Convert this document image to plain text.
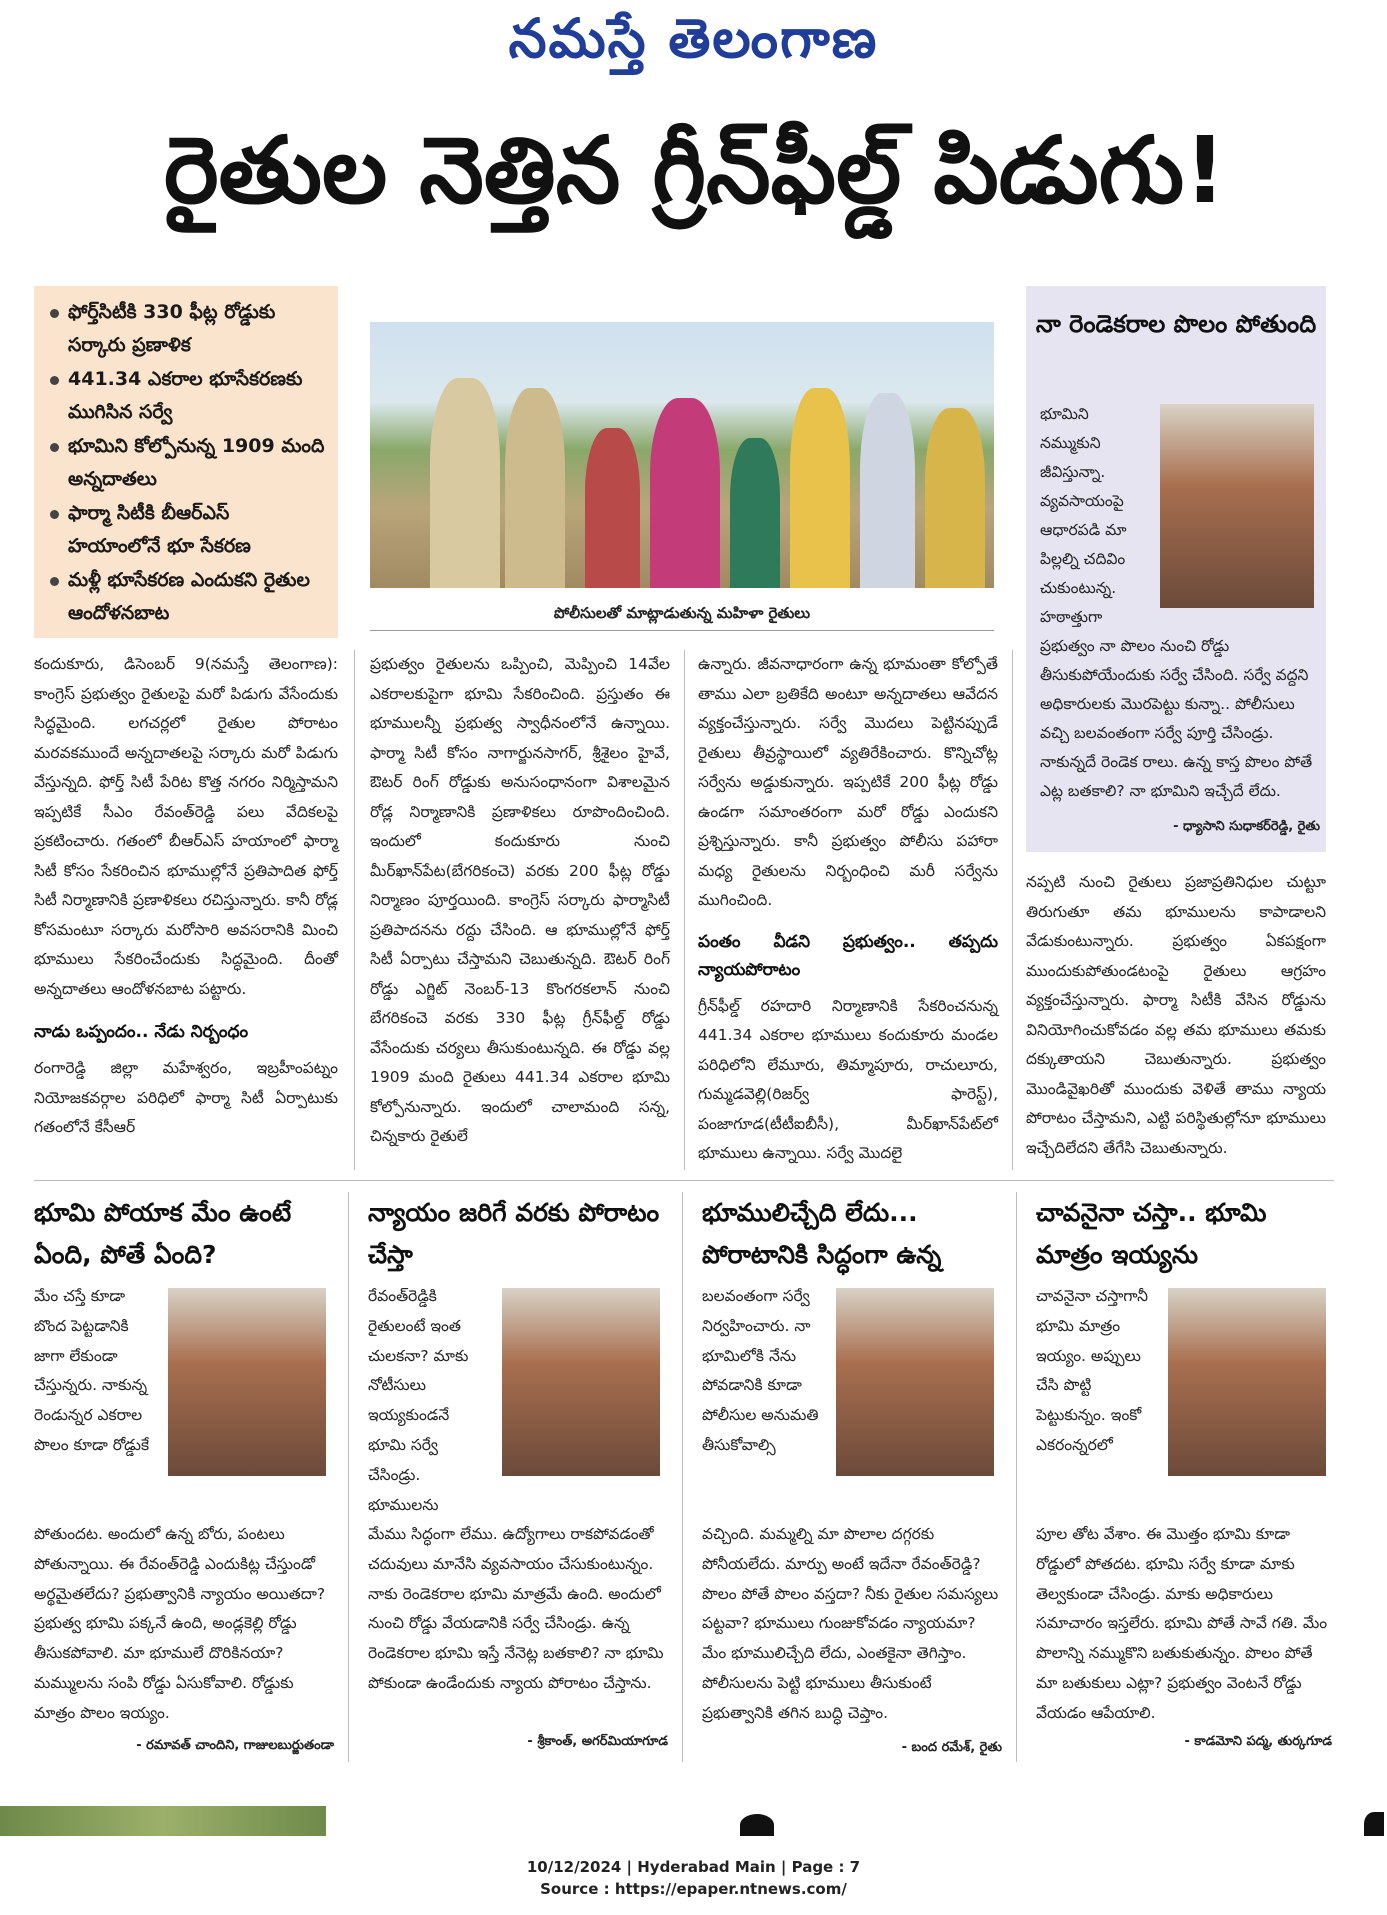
నమస్తే తెలంగాణ
రైతుల నెత్తిన గ్రీన్‌ఫీల్డ్ పిడుగు!
ఫోర్త్‌సిటీకి 330 ఫీట్ల రోడ్డుకు సర్కారు ప్రణాళిక
441.34 ఎకరాల భూసేకరణకు ముగిసిన సర్వే
భూమిని కోల్పోనున్న 1909 మంది అన్నదాతలు
ఫార్మా సిటీకి బీఆర్‌ఎస్ హయాంలోనే భూ సేకరణ
మళ్లీ భూసేకరణ ఎందుకని రైతుల ఆందోళనబాట	పోలీసులతో మాట్లాడుతున్న మహిళా రైతులు
నా రెండెకరాల పొలం పోతుంది
భూమిని నమ్ముకుని జీవిస్తున్నా. వ్యవసాయంపై ఆధారపడి మా పిల్లల్ని చదివిం చుకుంటున్న. హఠాత్తుగా
ప్రభుత్వం నా పొలం నుంచి రోడ్డు తీసుకుపోయేందుకు సర్వే చేసింది. సర్వే వద్దని అధికారులకు మొరపెట్టు కున్నా.. పోలీసులు వచ్చి బలవంతంగా సర్వే పూర్తి చేసిండ్రు. నాకున్నదే రెండెక రాలు. ఉన్న కాస్త పొలం పోతే ఎట్ల బతకాలి? నా భూమిని ఇచ్చేదే లేదు.
- ధ్యాసాని సుధాకర్‌రెడ్డి, రైతు
కందుకూరు, డిసెంబర్ 9(నమస్తే తెలంగాణ): కాంగ్రెస్ ప్రభుత్వం రైతులపై మరో పిడుగు వేసేందుకు సిద్ధమైంది. లగచర్లలో రైతుల పోరాటం మరవకముందే అన్నదాతలపై సర్కారు మరో పిడుగు వేస్తున్నది. ఫోర్త్ సిటీ పేరిట కొత్త నగరం నిర్మిస్తామని ఇప్పటికే సీఎం రేవంత్‌రెడ్డి పలు వేదికలపై ప్రకటించారు. గతంలో బీఆర్‌ఎస్ హయాంలో ఫార్మా సిటీ కోసం సేకరించిన భూముల్లోనే ప్రతిపాదిత ఫోర్త్ సిటీ నిర్మాణానికి ప్రణాళికలు రచిస్తున్నారు. కానీ రోడ్ల కోసమంటూ సర్కారు మరోసారి అవసరానికి మించి భూములు సేకరించేందుకు సిద్ధమైంది. దీంతో అన్నదాతలు ఆందోళనబాట పట్టారు.
నాడు ఒప్పందం.. నేడు నిర్బంధం
రంగారెడ్డి జిల్లా మహేశ్వరం, ఇబ్రహీంపట్నం నియోజకవర్గాల పరిధిలో ఫార్మా సిటీ ఏర్పాటుకు గతంలోనే కేసీఆర్
ప్రభుత్వం రైతులను ఒప్పించి, మెప్పించి 14వేల ఎకరాలకుపైగా భూమి సేకరించింది. ప్రస్తుతం ఈ భూములన్నీ ప్రభుత్వ స్వాధీనంలోనే ఉన్నాయి. ఫార్మా సిటీ కోసం నాగార్జునసాగర్, శ్రీశైలం హైవే, ఔటర్ రింగ్ రోడ్డుకు అనుసంధానంగా విశాలమైన రోడ్ల నిర్మాణానికి ప్రణాళికలు రూపొందించింది. ఇందులో కందుకూరు నుంచి మీర్‌ఖాన్‌పేట(బేగరికంచె) వరకు 200 ఫీట్ల రోడ్డు నిర్మాణం పూర్తయింది. కాంగ్రెస్ సర్కారు ఫార్మాసిటీ ప్రతిపాదనను రద్దు చేసింది. ఆ భూముల్లోనే ఫోర్త్ సిటీ ఏర్పాటు చేస్తామని చెబుతున్నది. ఔటర్ రింగ్ రోడ్డు ఎగ్జిట్ నెంబర్-13 కొంగరకలాన్ నుంచి బేగరికంచె వరకు 330 ఫీట్ల గ్రీన్‌ఫీల్డ్ రోడ్డు వేసేందుకు చర్యలు తీసుకుంటున్నది. ఈ రోడ్డు వల్ల 1909 మంది రైతులు 441.34 ఎకరాల భూమి కోల్పోనున్నారు. ఇందులో చాలామంది సన్న, చిన్నకారు రైతులే
ఉన్నారు. జీవనాధారంగా ఉన్న భూమంతా కోల్పోతే తాము ఎలా బ్రతికేది అంటూ అన్నదాతలు ఆవేదన వ్యక్తంచేస్తున్నారు. సర్వే మొదలు పెట్టినప్పుడే రైతులు తీవ్రస్థాయిలో వ్యతిరేకించారు. కొన్నిచోట్ల సర్వేను అడ్డుకున్నారు. ఇప్పటికే 200 ఫీట్ల రోడ్డు ఉండగా సమాంతరంగా మరో రోడ్డు ఎందుకని ప్రశ్నిస్తున్నారు. కానీ ప్రభుత్వం పోలీసు పహారా మధ్య రైతులను నిర్బంధించి మరీ సర్వేను ముగించింది.
పంతం వీడని ప్రభుత్వం.. తప్పదు న్యాయపోరాటం
గ్రీన్‌ఫీల్డ్ రహదారి నిర్మాణానికి సేకరించనున్న 441.34 ఎకరాల భూములు కందుకూరు మండల పరిధిలోని లేమూరు, తిమ్మాపూరు, రాచులూరు, గుమ్మడవెల్లి(రిజర్వ్ ఫారెస్ట్), పంజాగూడ(టీటీఐబీసీ), మీర్‌ఖాన్‌పేట్‌లో భూములు ఉన్నాయి. సర్వే మొదలై
నప్పటి నుంచి రైతులు ప్రజాప్రతినిధుల చుట్టూ తిరుగుతూ తమ భూములను కాపాడాలని వేడుకుంటున్నారు. ప్రభుత్వం ఏకపక్షంగా ముందుకుపోతుండటంపై రైతులు ఆగ్రహం వ్యక్తంచేస్తున్నారు. ఫార్మా సిటీకి వేసిన రోడ్డును వినియోగించుకోవడం వల్ల తమ భూములు తమకు దక్కుతాయని చెబుతున్నారు. ప్రభుత్వం మొండివైఖరితో ముందుకు వెళితే తాము న్యాయ పోరాటం చేస్తామని, ఎట్టి పరిస్థితుల్లోనూ భూములు ఇచ్చేదిలేదని తేగేసి చెబుతున్నారు.
భూమి పోయాక మేం ఉంటే ఏంది, పోతే ఏంది?
మేం చస్తే కూడా బొంద పెట్టడానికి జాగా లేకుండా చేస్తున్నరు. నాకున్న రెండున్నర ఎకరాల పొలం కూడా రోడ్డుకే
పోతుందట. అందులో ఉన్న బోరు, పంటలు పోతున్నాయి. ఈ రేవంత్‌రెడ్డి ఎందుకిట్ల చేస్తుండో అర్థమైతలేదు? ప్రభుత్వానికి న్యాయం అయితదా? ప్రభుత్వ భూమి పక్కనే ఉంది, అండ్లకెల్లి రోడ్డు తీసుకపోవాలి. మా భూములే దొరికినయా? మమ్ములను సంపి రోడ్డు ఏసుకోవాలి. రోడ్డుకు మాత్రం పొలం ఇయ్యం.
- రమావత్ చాందిని, గాజులబుర్జుతండా
న్యాయం జరిగే వరకు పోరాటం చేస్తా
రేవంత్‌రెడ్డికి రైతులంటే ఇంత చులకనా? మాకు నోటీసులు ఇయ్యకుండనే భూమి సర్వే చేసిండ్రు. భూములను
మేము సిద్ధంగా లేము. ఉద్యోగాలు రాకపోవడంతో చదువులు మానేసి వ్యవసాయం చేసుకుంటున్నం. నాకు రెండెకరాల భూమి మాత్రమే ఉంది. అందులో నుంచి రోడ్డు వేయడానికి సర్వే చేసిండ్రు. ఉన్న రెండెకరాల భూమి ఇస్తే నేనెట్ల బతకాలి? నా భూమి పోకుండా ఉండేందుకు న్యాయ పోరాటం చేస్తాను.
- శ్రీకాంత్, అగర్‌మియాగూడ
భూములిచ్చేది లేదు... పోరాటానికి సిద్ధంగా ఉన్న
బలవంతంగా సర్వే నిర్వహించారు. నా భూమిలోకి నేను పోవడానికి కూడా పోలీసుల అనుమతి తీసుకోవాల్సి
వచ్చింది. మమ్మల్ని మా పొలాల దగ్గరకు పోనీయలేదు. మార్పు అంటే ఇదేనా రేవంత్‌రెడ్డి? పొలం పోతే పొలం వస్తదా? నీకు రైతుల సమస్యలు పట్టవా? భూములు గుంజుకోవడం న్యాయమా? మేం భూములిచ్చేది లేదు, ఎంతకైనా తెగిస్తాం. పోలీసులను పెట్టి భూములు తీసుకుంటే ప్రభుత్వానికి తగిన బుద్ధి చెప్తాం.
- బంద రమేశ్, రైతు
చావనైనా చస్తా.. భూమి మాత్రం ఇయ్యను
చావనైనా చస్తాగానీ భూమి మాత్రం ఇయ్యం. అప్పులు చేసి పొట్టి పెట్టుకున్నం. ఇంకో ఎకరంన్నరలో
పూల తోట వేశాం. ఈ మొత్తం భూమి కూడా రోడ్డులో పోతదట. భూమి సర్వే కూడా మాకు తెల్వకుండా చేసిండ్రు. మాకు అధికారులు సమాచారం ఇస్తలేరు. భూమి పోతే సావే గతి. మేం పొలాన్ని నమ్ముకొని బతుకుతున్నం. పొలం పోతే మా బతుకులు ఎట్లా? ప్రభుత్వం వెంటనే రోడ్డు వేయడం ఆపేయాలి.
- కాడమోని పద్మ, తుర్కగూడ
10/12/2024 | Hyderabad Main | Page : 7
Source : https://epaper.ntnews.com/
